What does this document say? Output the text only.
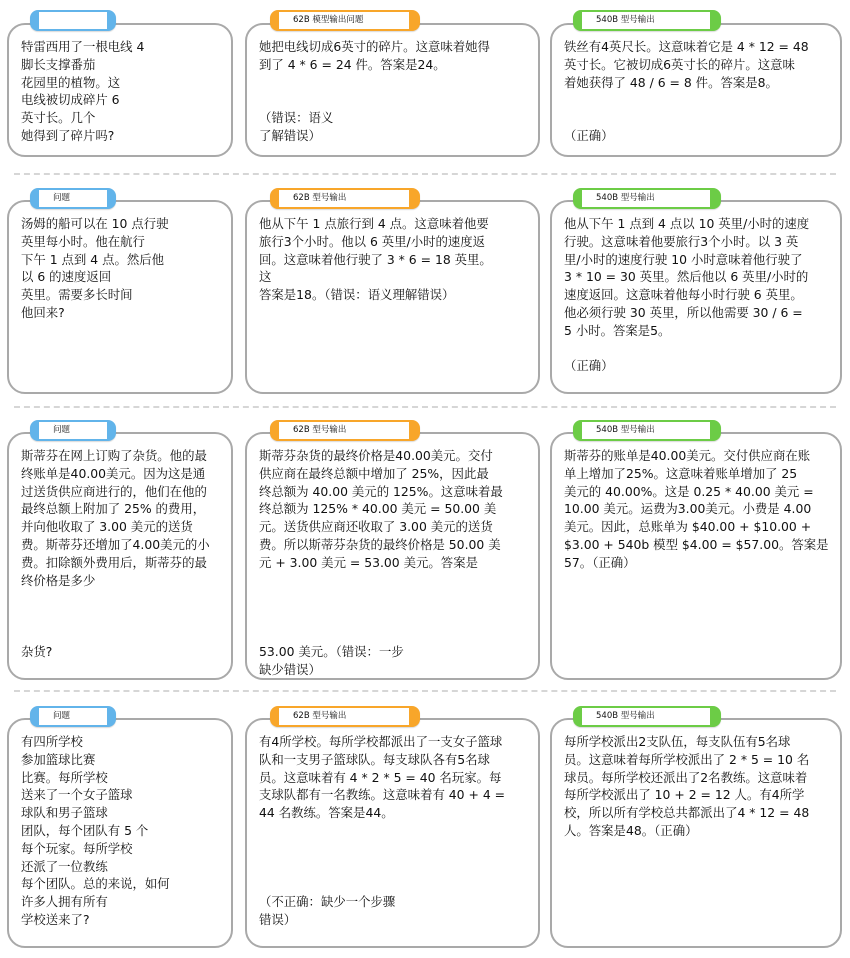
特雷西用了一根电线 4
脚长支撑番茄
花园里的植物。这
电线被切成碎片 6
英寸长。几个
她得到了碎片吗?
她把电线切成6英寸的碎片。这意味着她得
到了 4 * 6 = 24 件。答案是24。

（错误：语义
了解错误）
62B 模型输出问题
铁丝有4英尺长。这意味着它是 4 * 12 = 48
英寸长。它被切成6英寸长的碎片。这意味
着她获得了 48 / 6 = 8 件。答案是8。

（正确）
540B 型号输出
汤姆的船可以在 10 点行驶
英里每小时。他在航行
下午 1 点到 4 点。然后他
以 6 的速度返回
英里。需要多长时间
他回来?
问题
他从下午 1 点旅行到 4 点。这意味着他要
旅行3个小时。他以 6 英里/小时的速度返
回。这意味着他行驶了 3 * 6 = 18 英里。
这
答案是18。（错误：语义理解错误）
62B 型号输出
他从下午 1 点到 4 点以 10 英里/小时的速度
行驶。这意味着他要旅行3个小时。以 3 英
里/小时的速度行驶 10 小时意味着他行驶了
3 * 10 = 30 英里。然后他以 6 英里/小时的
速度返回。这意味着他每小时行驶 6 英里。
他必须行驶 30 英里，所以他需要 30 / 6 =
5 小时。答案是5。

（正确）
540B 型号输出
斯蒂芬在网上订购了杂货。他的最
终账单是40.00美元。因为这是通
过送货供应商进行的，他们在他的
最终总额上附加了 25% 的费用，
并向他收取了 3.00 美元的送货
费。斯蒂芬还增加了4.00美元的小
费。扣除额外费用后，斯蒂芬的最
终价格是多少

杂货?
问题
斯蒂芬杂货的最终价格是40.00美元。交付
供应商在最终总额中增加了 25%，因此最
终总额为 40.00 美元的 125%。这意味着最
终总额为 125% * 40.00 美元 = 50.00 美
元。送货供应商还收取了 3.00 美元的送货
费。所以斯蒂芬杂货的最终价格是 50.00 美
元 + 3.00 美元 = 53.00 美元。答案是

53.00 美元。（错误：一步
缺少错误）
62B 型号输出
斯蒂芬的账单是40.00美元。交付供应商在账
单上增加了25%。这意味着账单增加了 25
美元的 40.00%。这是 0.25 * 40.00 美元 =
10.00 美元。运费为3.00美元。小费是 4.00
美元。因此，总账单为 $40.00 + $10.00 +
$3.00 + 540b 模型 $4.00 = $57.00。答案是
57。（正确）
540B 型号输出
有四所学校
参加篮球比赛
比赛。每所学校
送来了一个女子篮球
球队和男子篮球
团队，每个团队有 5 个
每个玩家。每所学校
还派了一位教练
每个团队。总的来说，如何
许多人拥有所有
学校送来了?
问题
有4所学校。每所学校都派出了一支女子篮球
队和一支男子篮球队。每支球队各有5名球
员。这意味着有 4 * 2 * 5 = 40 名玩家。每
支球队都有一名教练。这意味着有 40 + 4 =
44 名教练。答案是44。

（不正确：缺少一个步骤
错误）
62B 型号输出
每所学校派出2支队伍，每支队伍有5名球
员。这意味着每所学校派出了 2 * 5 = 10 名
球员。每所学校还派出了2名教练。这意味着
每所学校派出了 10 + 2 = 12 人。有4所学
校，所以所有学校总共都派出了4 * 12 = 48
人。答案是48。（正确）
540B 型号输出
